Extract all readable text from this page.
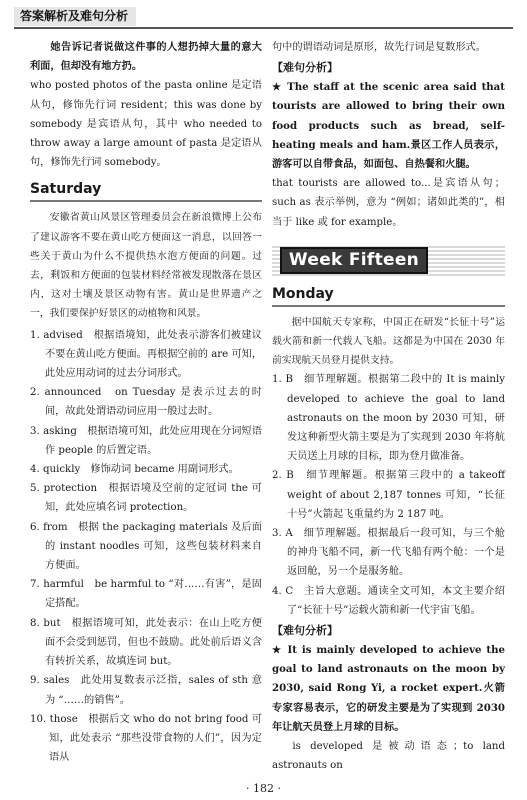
答案解析及难句分析

她告诉记者说做这件事的人想扔掉大量的意大利面，但却没有地方扔。

who posted photos of the pasta online 是定语从句，修饰先行词 resident；this was done by somebody 是宾语从句，其中 who needed to throw away a large amount of pasta 是定语从句，修饰先行词 somebody。

Saturday

安徽省黄山风景区管理委员会在新浪微博上公布了建议游客不要在黄山吃方便面这一消息，以回答一些关于黄山为什么不提供热水泡方便面的问题。过去，剩饭和方便面的包装材料经常被发现散落在景区内，这对土壤及景区动物有害。黄山是世界遗产之一，我们要保护好景区的动植物和风景。

1. advised　根据语境知，此处表示游客们被建议不要在黄山吃方便面。再根据空前的 are 可知，此处应用动词的过去分词形式。

2. announced　on Tuesday 是表示过去的时间，故此处谓语动词应用一般过去时。

3. asking　根据语境可知，此处应用现在分词短语作 people 的后置定语。

4. quickly　修饰动词 became 用副词形式。

5. protection　根据语境及空前的定冠词 the 可知，此处应填名词 protection。

6. from　根据 the packaging materials 及后面的 instant noodles 可知，这些包装材料来自方便面。

7. harmful　be harmful to “对……有害”，是固定搭配。

8. but　根据语境可知，此处表示：在山上吃方便面不会受到惩罚，但也不鼓励。此处前后语义含有转折关系，故填连词 but。

9. sales　此处用复数表示泛指，sales of sth 意为 “……的销售”。

10. those　根据后文 who do not bring food 可知，此处表示 “那些没带食物的人们”，因为定语从

句中的谓语动词是原形，故先行词是复数形式。

【难句分析】

★ The staff at the scenic area said that tourists are allowed to bring their own food products such as bread, self-heating meals and ham.景区工作人员表示，游客可以自带食品，如面包、自热餐和火腿。

that tourists are allowed to...是宾语从句；such as 表示举例，意为 “例如；诸如此类的”，相当于 like 或 for example。

Week Fifteen
Monday

据中国航天专家称，中国正在研发“长征十号”运载火箭和新一代载人飞船。这都是为中国在 2030 年前实现航天员登月提供支持。

1. B　细节理解题。根据第二段中的 It is mainly developed to achieve the goal to land astronauts on the moon by 2030 可知，研发这种新型火箭主要是为了实现到 2030 年将航天员送上月球的目标，即为登月做准备。

2. B　细节理解题。根据第三段中的 a takeoff weight of about 2,187 tonnes 可知，“长征十号”火箭起飞重量约为 2 187 吨。

3. A　细节理解题。根据最后一段可知，与三个舱的神舟飞船不同，新一代飞船有两个舱：一个是返回舱，另一个是服务舱。

4. C　主旨大意题。通读全文可知，本文主要介绍了“长征十号”运载火箭和新一代宇宙飞船。

【难句分析】

★ It is mainly developed to achieve the goal to land astronauts on the moon by 2030, said Rong Yi, a rocket expert.火箭专家容易表示，它的研发主要是为了实现到 2030 年让航天员登上月球的目标。

is developed 是被动语态；to land astronauts on

· 182 ·
